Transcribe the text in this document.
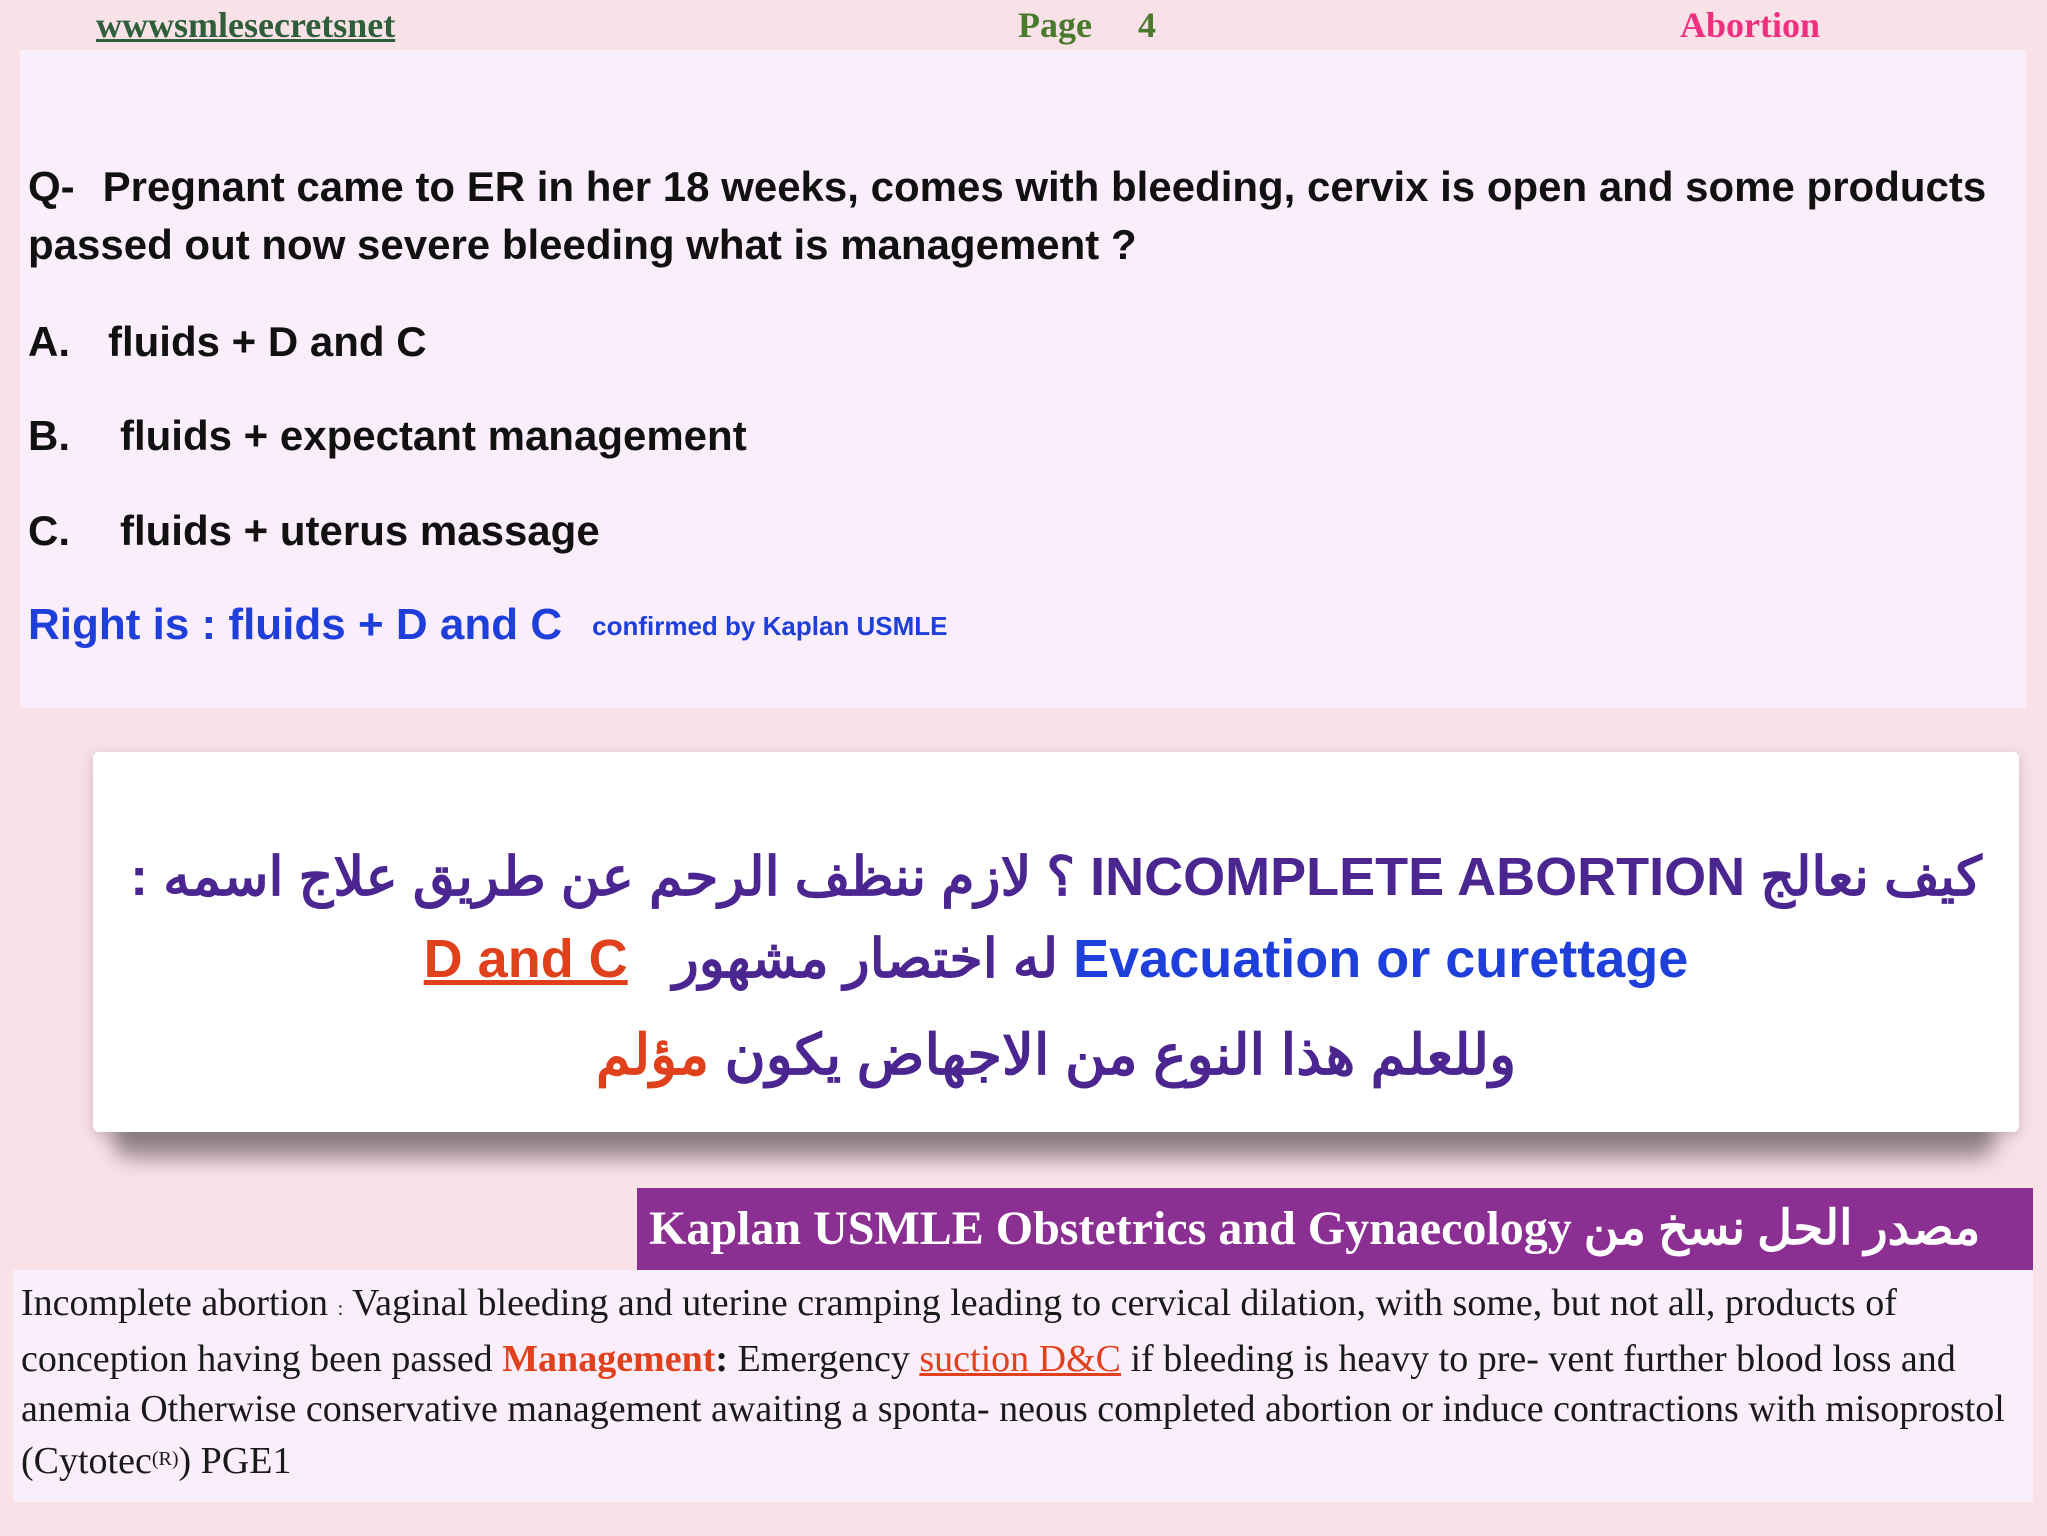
wwwsmlesecretsnet	Page 4	Abortion
Q- Pregnant came to ER in her 18 weeks, comes with bleeding, cervix is open and some products passed out now severe bleeding what is management ?
A. fluids + D and C
B. fluids + expectant management
C. fluids + uterus massage
Right is : fluids + D and C confirmed by Kaplan USMLE
كيف نعالج INCOMPLETE ABORTION ؟ لازم ننظف الرحم عن طريق علاج اسمه :
D and C له اختصار مشهور Evacuation or curettage
وللعلم هذا النوع من الاجهاض يكون مؤلم
Kaplan USMLE Obstetrics and Gynaecology مصدر الحل نسخ من
Incomplete abortion : Vaginal bleeding and uterine cramping leading to cervical dilation, with some, but not all, products of conception having been passed Management: Emergency suction D&C if bleeding is heavy to pre- vent further blood loss and anemia Otherwise conservative management awaiting a sponta- neous completed abortion or induce contractions with misoprostol (Cytotec$^{(R)}$) PGE1
